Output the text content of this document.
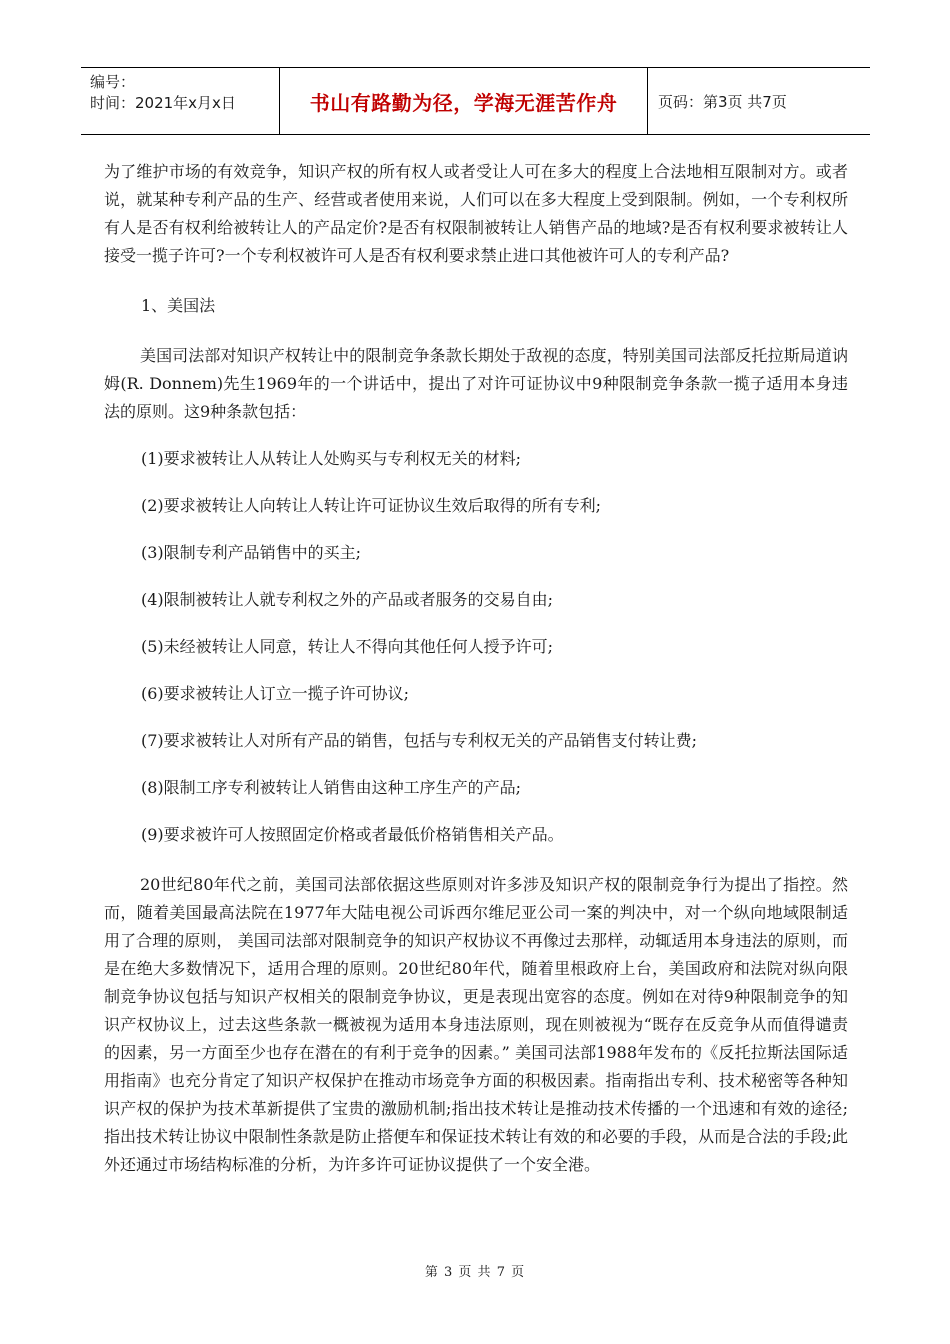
编号：
时间：2021年x月x日	书山有路勤为径，学海无涯苦作舟	页码：第3页 共7页

为了维护市场的有效竞争，知识产权的所有权人或者受让人可在多大的程度上合法地相互限制对方。或者说，就某种专利产品的生产、经营或者使用来说，人们可以在多大程度上受到限制。例如，一个专利权所有人是否有权利给被转让人的产品定价?是否有权限制被转让人销售产品的地域?是否有权利要求被转让人接受一揽子许可?一个专利权被许可人是否有权利要求禁止进口其他被许可人的专利产品?

1、美国法

美国司法部对知识产权转让中的限制竞争条款长期处于敌视的态度，特别美国司法部反托拉斯局道讷姆(R. Donnem)先生1969年的一个讲话中，提出了对许可证协议中9种限制竞争条款一揽子适用本身违法的原则。这9种条款包括：

(1)要求被转让人从转让人处购买与专利权无关的材料;

(2)要求被转让人向转让人转让许可证协议生效后取得的所有专利;

(3)限制专利产品销售中的买主;

(4)限制被转让人就专利权之外的产品或者服务的交易自由;

(5)未经被转让人同意，转让人不得向其他任何人授予许可;

(6)要求被转让人订立一揽子许可协议;

(7)要求被转让人对所有产品的销售，包括与专利权无关的产品销售支付转让费;

(8)限制工序专利被转让人销售由这种工序生产的产品;

(9)要求被许可人按照固定价格或者最低价格销售相关产品。

20世纪80年代之前，美国司法部依据这些原则对许多涉及知识产权的限制竞争行为提出了指控。然而，随着美国最高法院在1977年大陆电视公司诉西尔维尼亚公司一案的判决中，对一个纵向地域限制适用了合理的原则， 美国司法部对限制竞争的知识产权协议不再像过去那样，动辄适用本身违法的原则，而是在绝大多数情况下，适用合理的原则。20世纪80年代，随着里根政府上台，美国政府和法院对纵向限制竞争协议包括与知识产权相关的限制竞争协议，更是表现出宽容的态度。例如在对待9种限制竞争的知识产权协议上，过去这些条款一概被视为适用本身违法原则，现在则被视为“既存在反竞争从而值得谴责的因素，另一方面至少也存在潜在的有利于竞争的因素。” 美国司法部1988年发布的《反托拉斯法国际适用指南》也充分肯定了知识产权保护在推动市场竞争方面的积极因素。指南指出专利、技术秘密等各种知识产权的保护为技术革新提供了宝贵的激励机制;指出技术转让是推动技术传播的一个迅速和有效的途径;指出技术转让协议中限制性条款是防止搭便车和保证技术转让有效的和必要的手段，从而是合法的手段;此外还通过市场结构标准的分析，为许多许可证协议提供了一个安全港。

第 3 页 共 7 页
